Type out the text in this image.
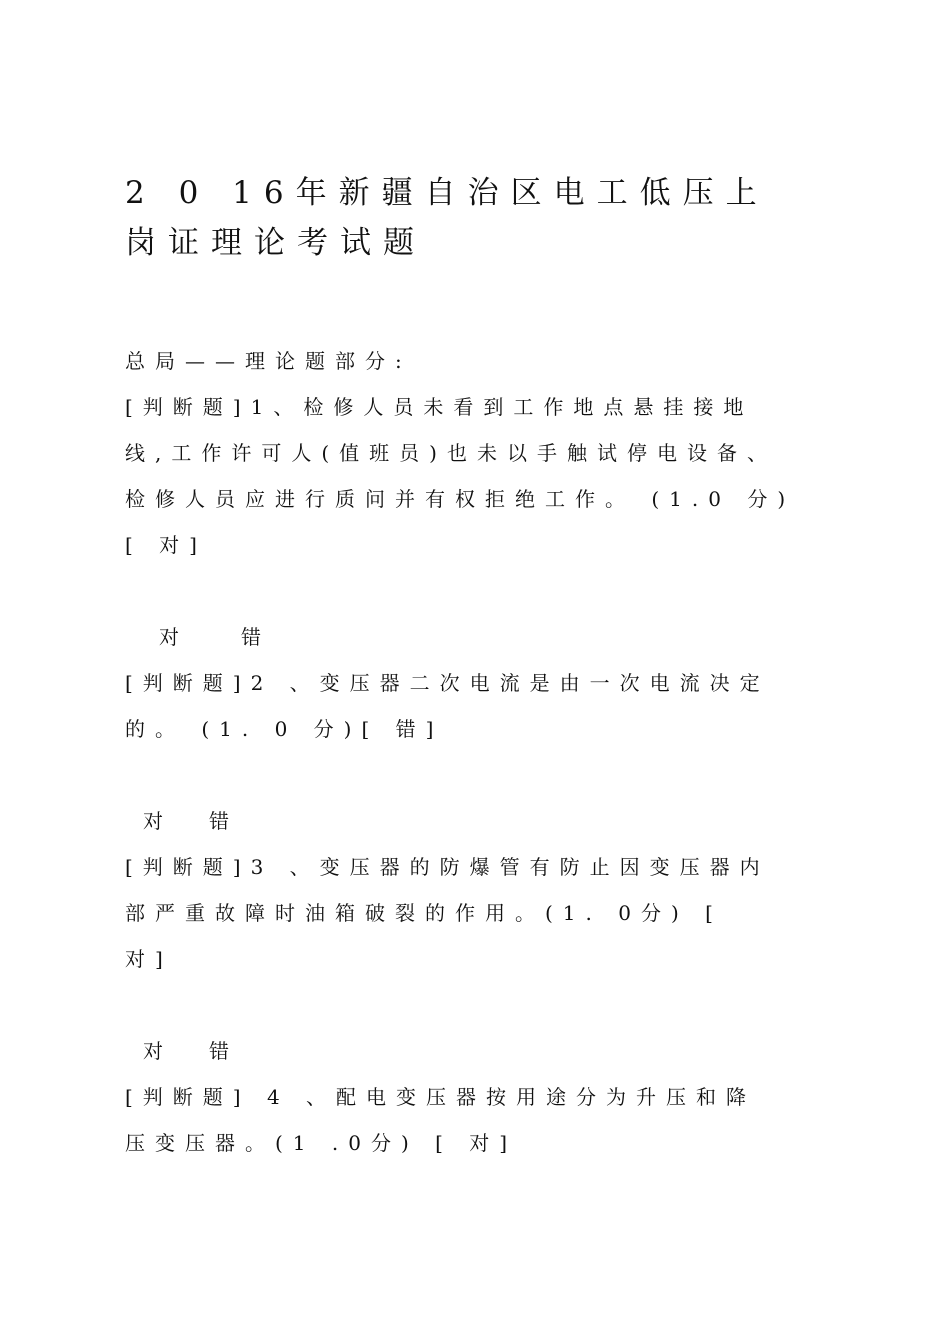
2 0 16年新疆自治区电工低压上
岗证理论考试题
总局——理论题部分:
[判断题]1、检修人员未看到工作地点悬挂接地
线,工作许可人(值班员)也未以手触试停电设备、
检修人员应进行质问并有权拒绝工作。 (1.0 分)
[ 对]
对	错
[判断题]2 、变压器二次电流是由一次电流决定
的。 (1. 0 分)[ 错]
对 错
[判断题]3 、变压器的防爆管有防止因变压器内
部严重故障时油箱破裂的作用。(1. 0分) [
对]
对 错
[判断题] 4 、配电变压器按用途分为升压和降
压变压器。(1 .0分) [ 对]
